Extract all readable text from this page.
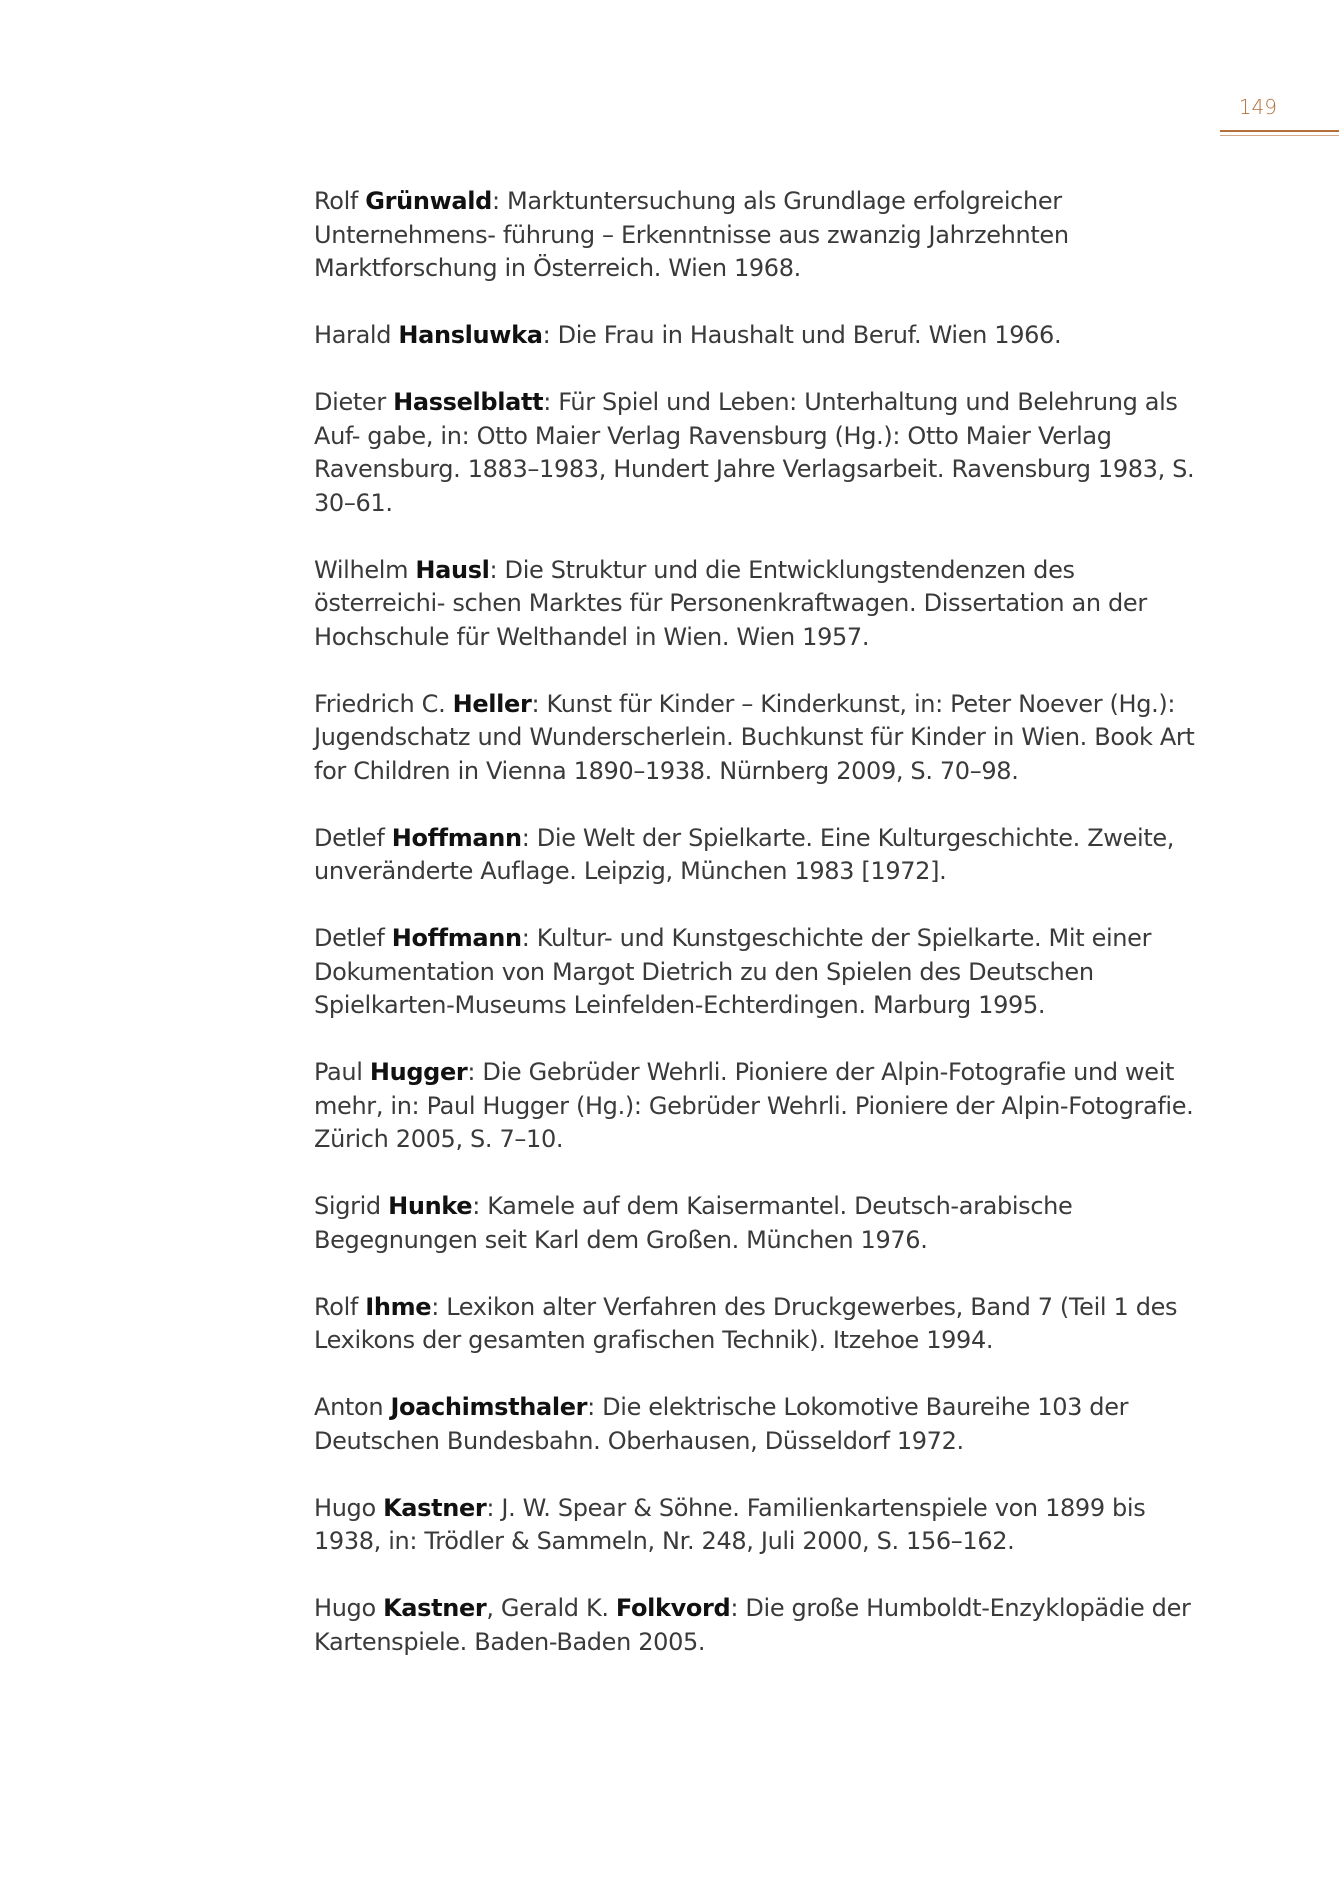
149

Rolf Grünwald: Marktuntersuchung als Grundlage erfolgreicher Unternehmens- führung – Erkenntnisse aus zwanzig Jahrzehnten Marktforschung in Österreich. Wien 1968.

Harald Hansluwka: Die Frau in Haushalt und Beruf. Wien 1966.

Dieter Hasselblatt: Für Spiel und Leben: Unterhaltung und Belehrung als Auf- gabe, in: Otto Maier Verlag Ravensburg (Hg.): Otto Maier Verlag Ravensburg. 1883–1983, Hundert Jahre Verlagsarbeit. Ravensburg 1983, S. 30–61.

Wilhelm Hausl: Die Struktur und die Entwicklungstendenzen des österreichi- schen Marktes für Personenkraftwagen. Dissertation an der Hochschule für Welthandel in Wien. Wien 1957.

Friedrich C. Heller: Kunst für Kinder – Kinderkunst, in: Peter Noever (Hg.): Jugendschatz und Wunderscherlein. Buchkunst für Kinder in Wien. Book Art for Children in Vienna 1890–1938. Nürnberg 2009, S. 70–98.

Detlef Hoffmann: Die Welt der Spielkarte. Eine Kulturgeschichte. Zweite, unveränderte Auflage. Leipzig, München 1983 [1972].

Detlef Hoffmann: Kultur- und Kunstgeschichte der Spielkarte. Mit einer Dokumentation von Margot Dietrich zu den Spielen des Deutschen Spielkarten-Museums Leinfelden-Echterdingen. Marburg 1995.

Paul Hugger: Die Gebrüder Wehrli. Pioniere der Alpin-Fotografie und weit mehr, in: Paul Hugger (Hg.): Gebrüder Wehrli. Pioniere der Alpin-Fotografie. Zürich 2005, S. 7–10.

Sigrid Hunke: Kamele auf dem Kaisermantel. Deutsch-arabische Begegnungen seit Karl dem Großen. München 1976.

Rolf Ihme: Lexikon alter Verfahren des Druckgewerbes, Band 7 (Teil 1 des Lexikons der gesamten grafischen Technik). Itzehoe 1994.

Anton Joachimsthaler: Die elektrische Lokomotive Baureihe 103 der Deutschen Bundesbahn. Oberhausen, Düsseldorf 1972.

Hugo Kastner: J. W. Spear & Söhne. Familienkartenspiele von 1899 bis 1938, in: Trödler & Sammeln, Nr. 248, Juli 2000, S. 156–162.

Hugo Kastner, Gerald K. Folkvord: Die große Humboldt-Enzyklopädie der Kartenspiele. Baden-Baden 2005.
